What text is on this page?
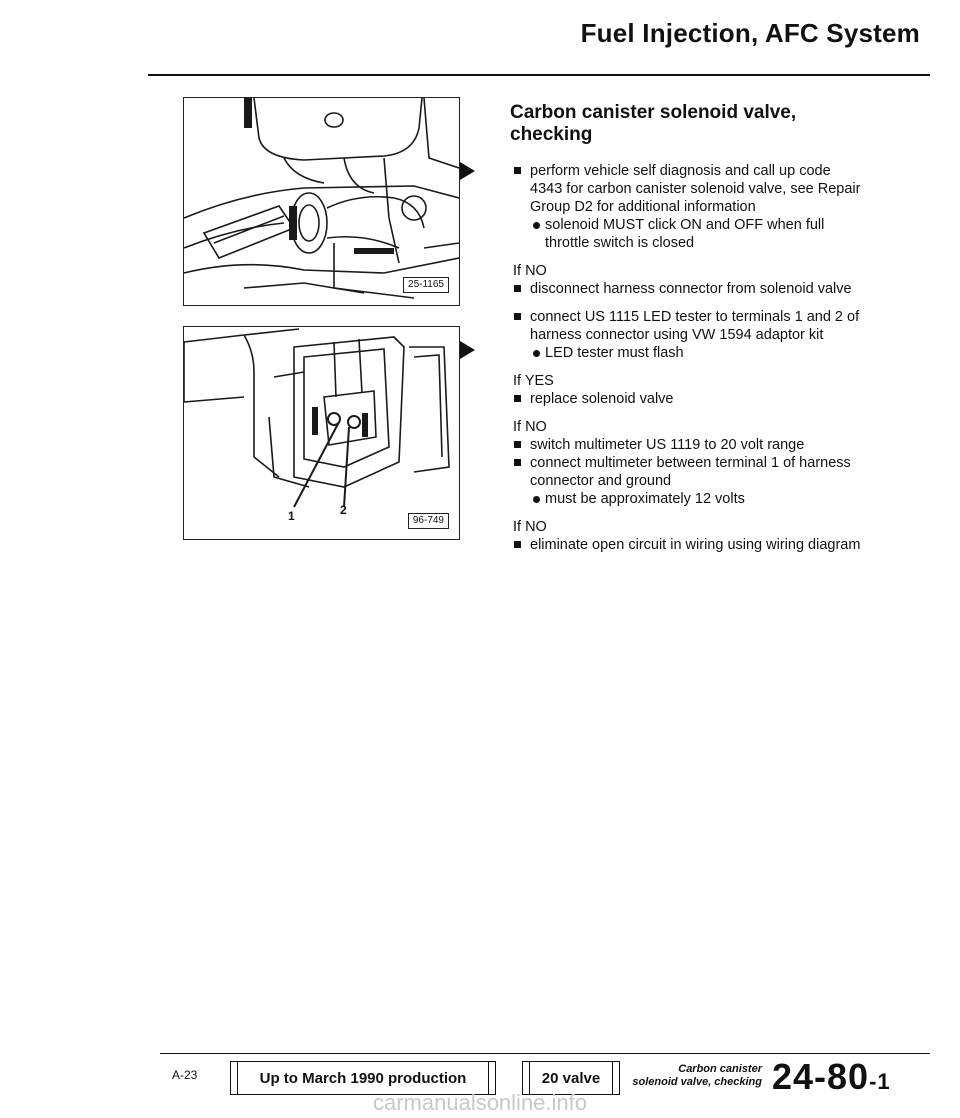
Fuel Injection, AFC System
25-1165
1	2
96-749
Carbon canister solenoid valve, checking
perform vehicle self diagnosis and call up code 4343 for carbon canister solenoid valve, see Repair Group D2 for additional information
solenoid MUST click ON and OFF when full throttle switch is closed
If NO
disconnect harness connector from solenoid valve
connect US 1115 LED tester to terminals 1 and 2 of harness connector using VW 1594 adaptor kit
LED tester must flash
If YES
replace solenoid valve
If NO
switch multimeter US 1119 to 20 volt range
connect multimeter between terminal 1 of harness connector and ground
must be approximately 12 volts
If NO
eliminate open circuit in wiring using wiring diagram
A-23	Up to March 1990 production	20 valve
Carbon canister
solenoid valve, checking 24-80-1
carmanualsonline.info
